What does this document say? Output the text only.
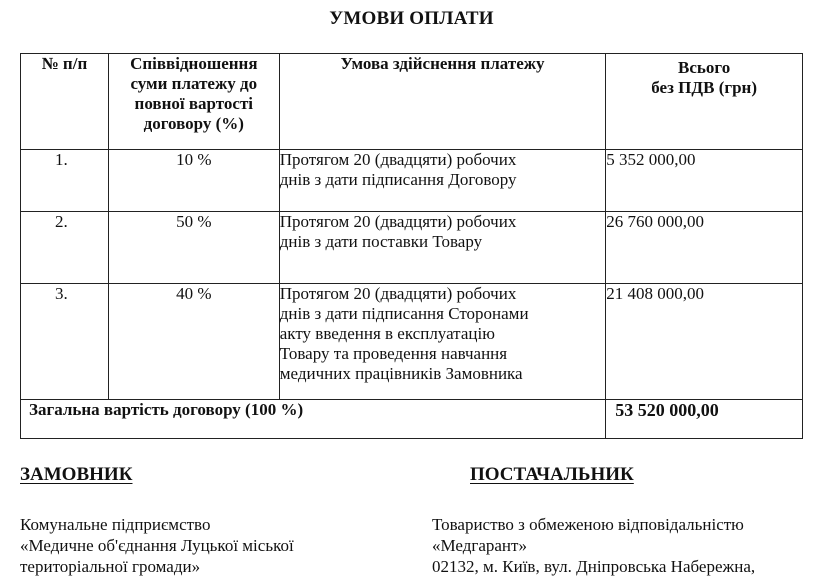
УМОВИ ОПЛАТИ
№ п/п	Співвідношення
суми платежу до
повної вартості
договору (%)	Умова здійснення платежу	Всього
без ПДВ (грн)

1.	10 %	Протягом 20 (двадцяти) робочих
днів з дати підписання Договору	5 352 000,00
2.	50 %	Протягом 20 (двадцяти) робочих
днів з дати поставки Товару	26 760 000,00
3.	40 %	Протягом 20 (двадцяти) робочих
днів з дати підписання Сторонами
акту введення в експлуатацію
Товару та проведення навчання
медичних працівників Замовника	21 408 000,00
Загальна вартість договору (100 %)			53 520 000,00
ЗАМОВНИК	ПОСТАЧАЛЬНИК
Комунальне підприємство
«Медичне об'єднання Луцької міської
територіальної громади»
Товариство з обмеженою відповідальністю
«Медгарант»
02132, м. Київ, вул. Дніпровська Набережна,
